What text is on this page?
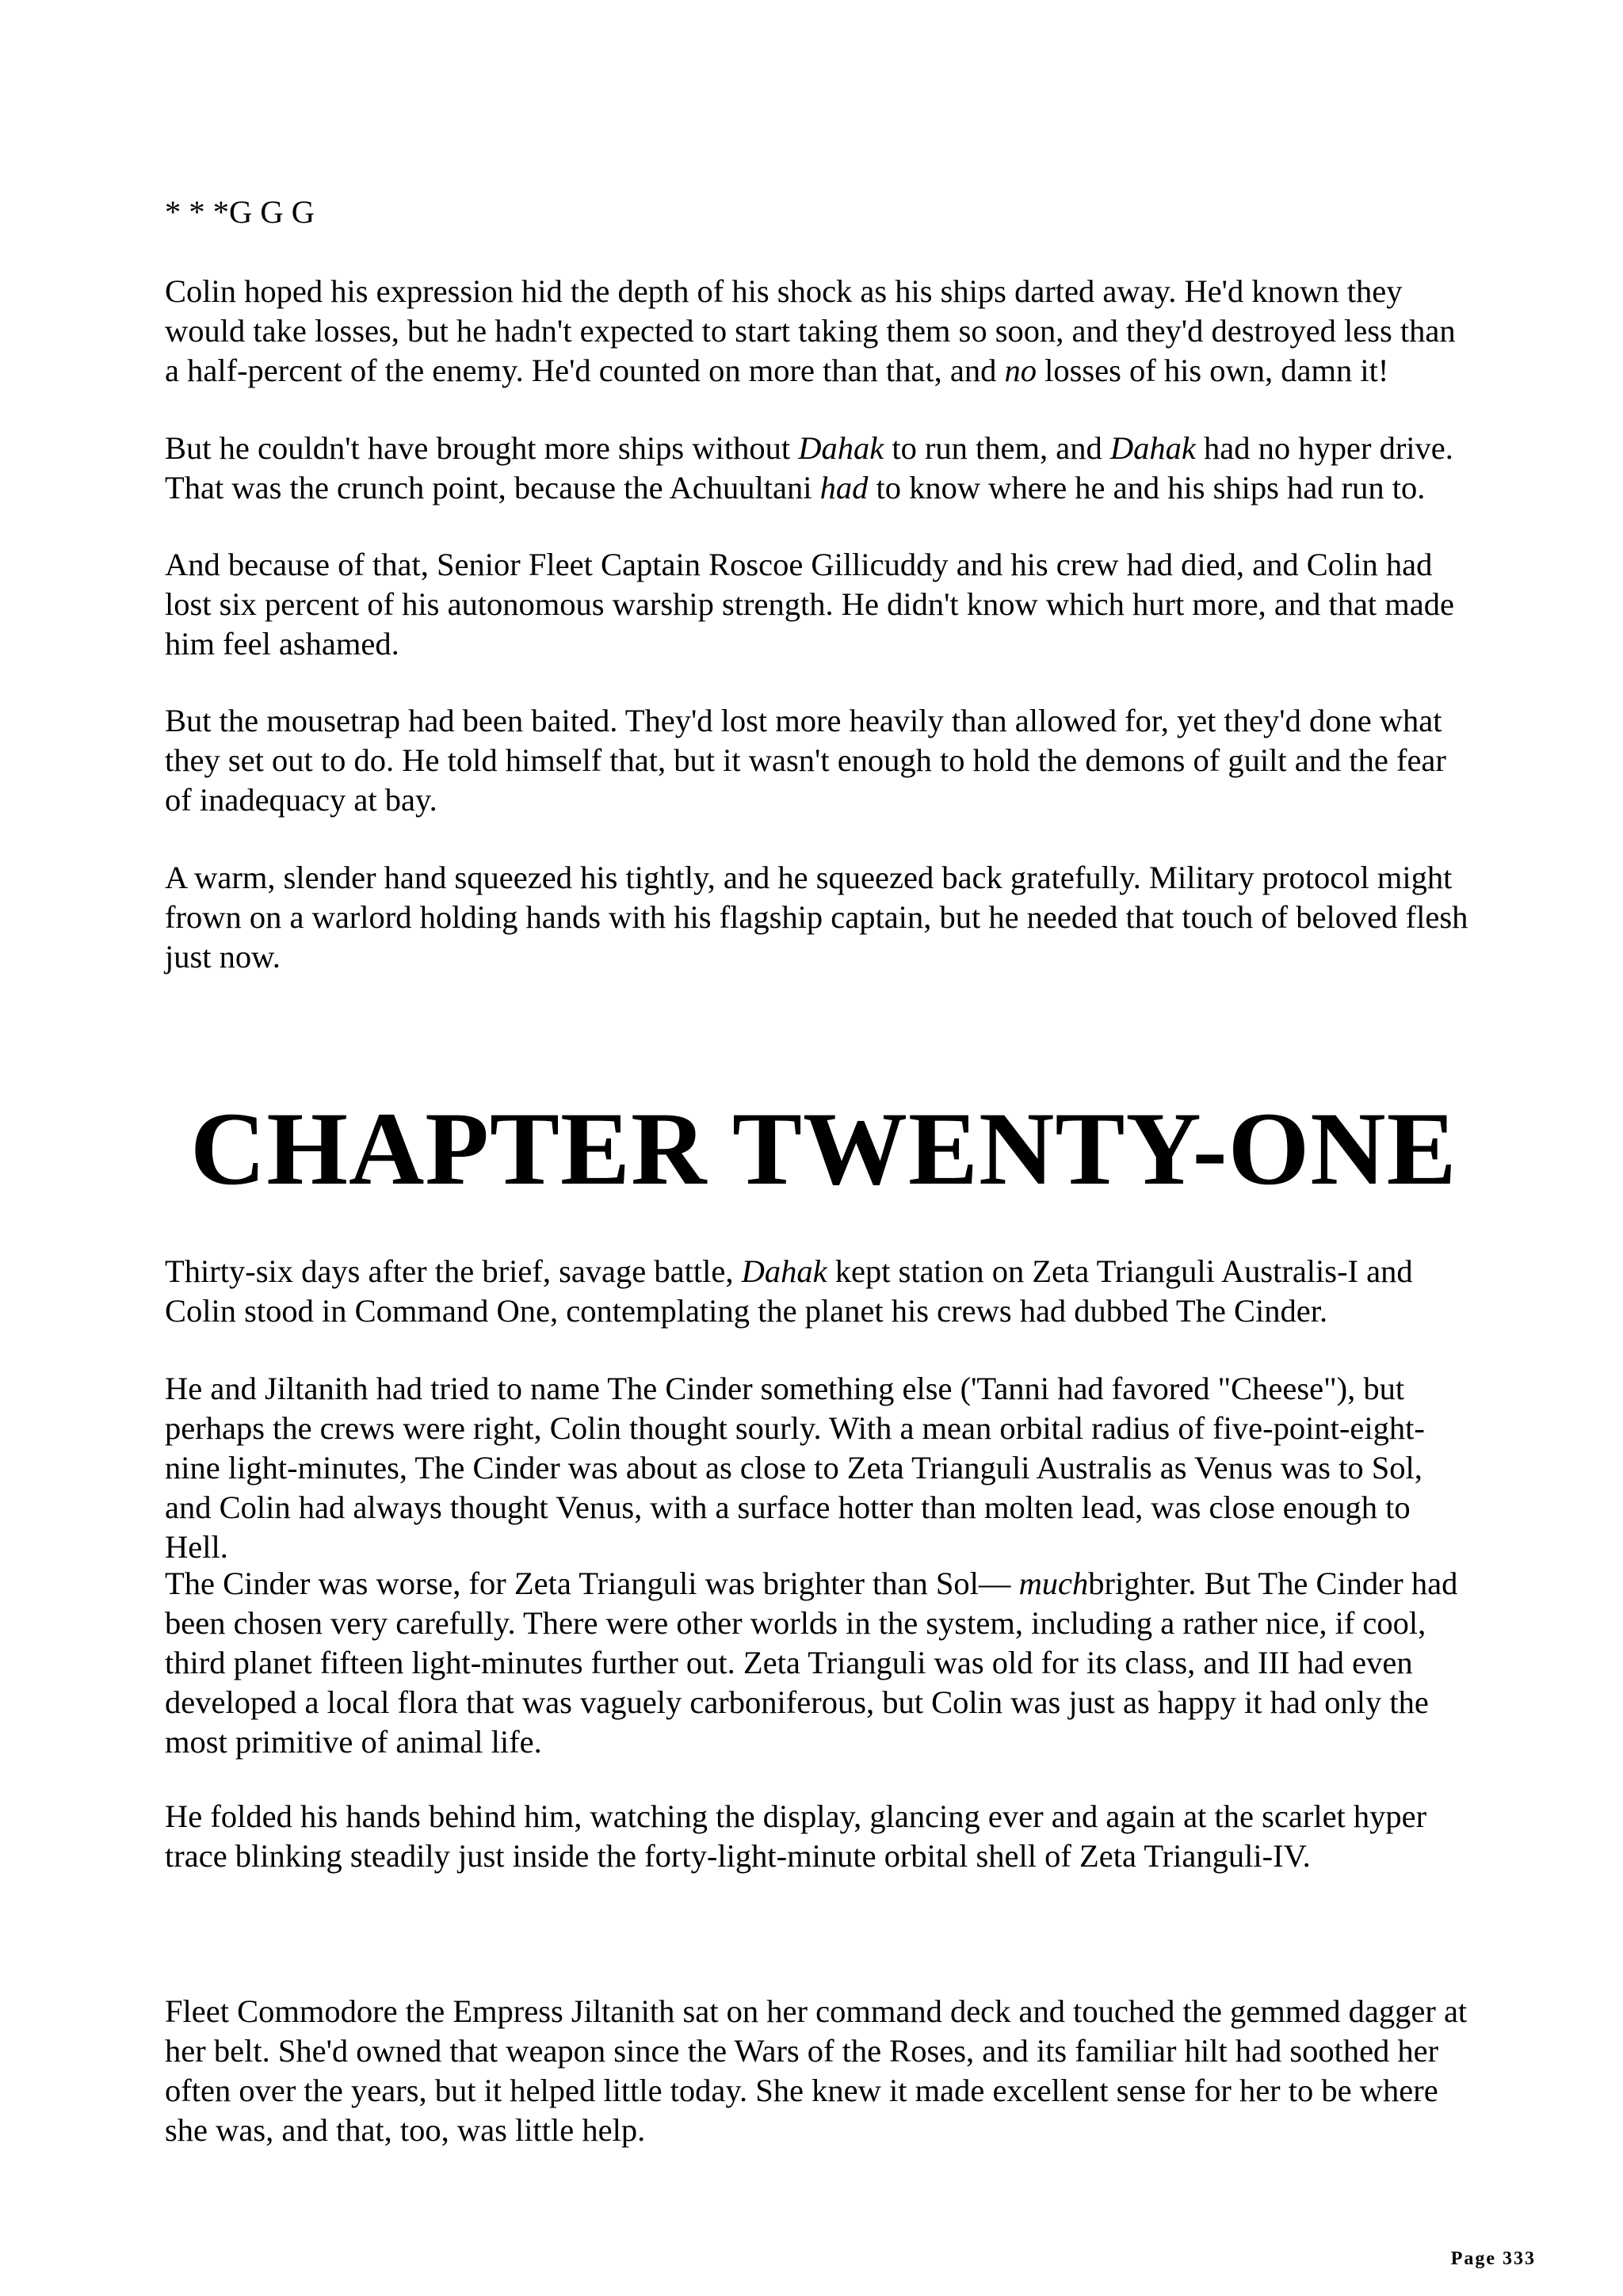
* * *G G G

Colin hoped his expression hid the depth of his shock as his ships darted away. He'd known they would take losses, but he hadn't expected to start taking them so soon, and they'd destroyed less than a half-percent of the enemy. He'd counted on more than that, and no losses of his own, damn it!

But he couldn't have brought more ships without Dahak to run them, and Dahak had no hyper drive. That was the crunch point, because the Achuultani had to know where he and his ships had run to.

And because of that, Senior Fleet Captain Roscoe Gillicuddy and his crew had died, and Colin had lost six percent of his autonomous warship strength. He didn't know which hurt more, and that made him feel ashamed.

But the mousetrap had been baited. They'd lost more heavily than allowed for, yet they'd done what they set out to do. He told himself that, but it wasn't enough to hold the demons of guilt and the fear of inadequacy at bay.

A warm, slender hand squeezed his tightly, and he squeezed back gratefully. Military protocol might frown on a warlord holding hands with his flagship captain, but he needed that touch of beloved flesh just now.

CHAPTER TWENTY-ONE

Thirty-six days after the brief, savage battle, Dahak kept station on Zeta Trianguli Australis-I and Colin stood in Command One, contemplating the planet his crews had dubbed The Cinder.

He and Jiltanith had tried to name The Cinder something else ('Tanni had favored "Cheese"), but perhaps the crews were right, Colin thought sourly. With a mean orbital radius of five-point-eight-nine light-minutes, The Cinder was about as close to Zeta Trianguli Australis as Venus was to Sol, and Colin had always thought Venus, with a surface hotter than molten lead, was close enough to Hell.

The Cinder was worse, for Zeta Trianguli was brighter than Sol— muchbrighter. But The Cinder had been chosen very carefully. There were other worlds in the system, including a rather nice, if cool, third planet fifteen light-minutes further out. Zeta Trianguli was old for its class, and III had even developed a local flora that was vaguely carboniferous, but Colin was just as happy it had only the most primitive of animal life.

He folded his hands behind him, watching the display, glancing ever and again at the scarlet hyper trace blinking steadily just inside the forty-light-minute orbital shell of Zeta Trianguli-IV.

Fleet Commodore the Empress Jiltanith sat on her command deck and touched the gemmed dagger at her belt. She'd owned that weapon since the Wars of the Roses, and its familiar hilt had soothed her often over the years, but it helped little today. She knew it made excellent sense for her to be where she was, and that, too, was little help.

Page 333
